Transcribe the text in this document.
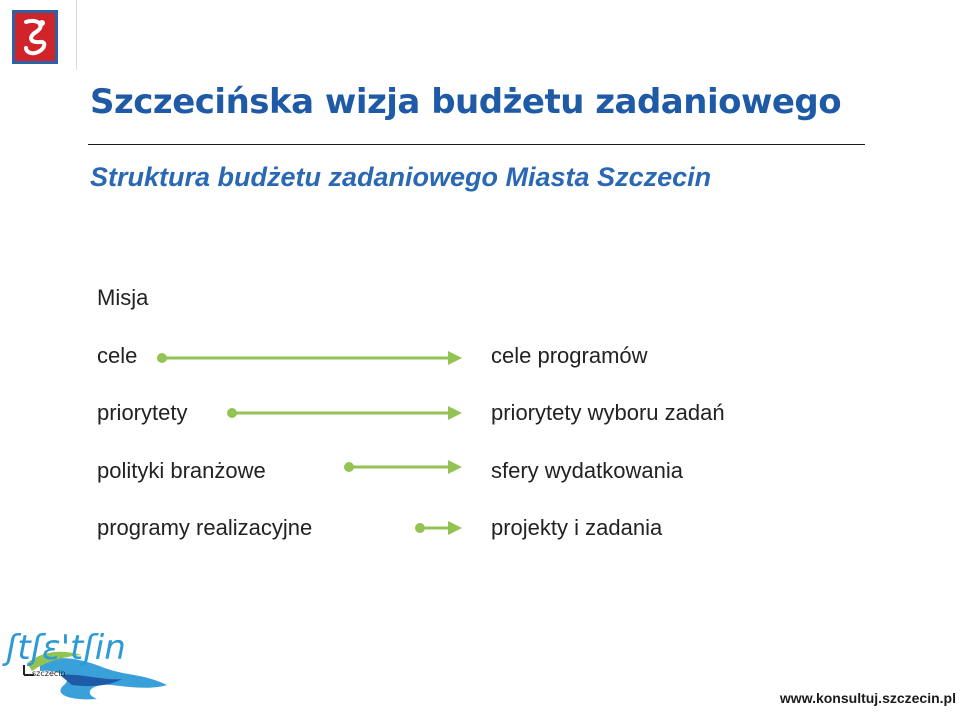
Szczecińska wizja budżetu zadaniowego
Struktura budżetu zadaniowego Miasta Szczecin
Misja
cele	cele programów
priorytety	priorytety wyboru zadań
polityki branżowe	sfery wydatkowania
programy realizacyjne	projekty i zadania
ʃtʃɛ'tʃin
szczecin
www.konsultuj.szczecin.pl
